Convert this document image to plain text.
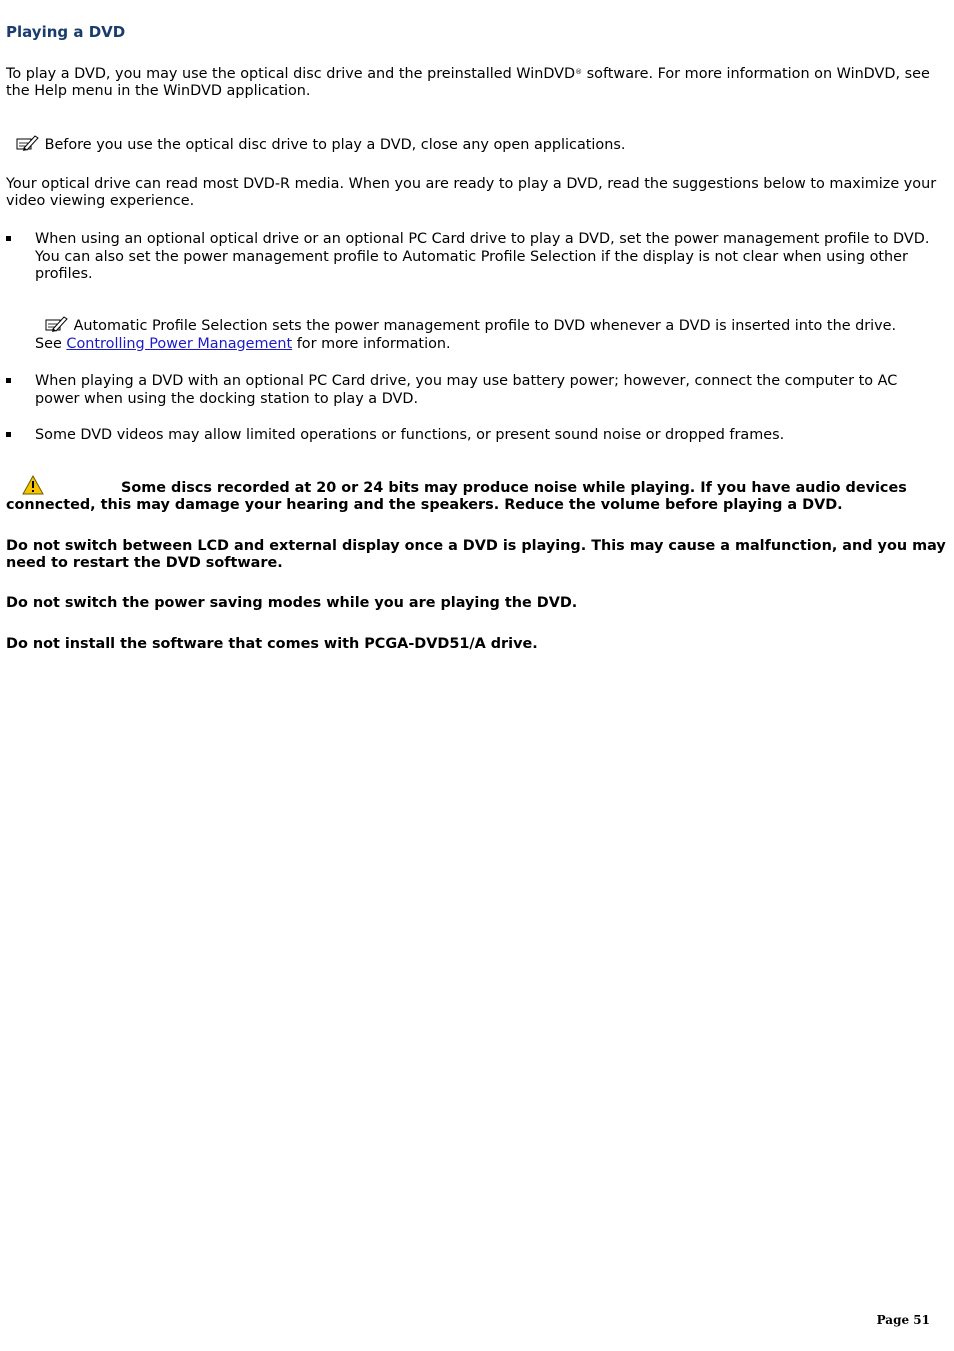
Playing a DVD
To play a DVD, you may use the optical disc drive and the preinstalled WinDVD® software. For more information on WinDVD, see the Help menu in the WinDVD application.
Before you use the optical disc drive to play a DVD, close any open applications.
Your optical drive can read most DVD-R media. When you are ready to play a DVD, read the suggestions below to maximize your video viewing experience.
When using an optional optical drive or an optional PC Card drive to play a DVD, set the power management profile to DVD. You can also set the power management profile to Automatic Profile Selection if the display is not clear when using other profiles.
Automatic Profile Selection sets the power management profile to DVD whenever a DVD is inserted into the drive.
See Controlling Power Management for more information.
When playing a DVD with an optional PC Card drive, you may use battery power; however, connect the computer to AC power when using the docking station to play a DVD.
Some DVD videos may allow limited operations or functions, or present sound noise or dropped frames.
Some discs recorded at 20 or 24 bits may produce noise while playing. If you have audio devices connected, this may damage your hearing and the speakers. Reduce the volume before playing a DVD.
Do not switch between LCD and external display once a DVD is playing. This may cause a malfunction, and you may need to restart the DVD software.
Do not switch the power saving modes while you are playing the DVD.
Do not install the software that comes with PCGA-DVD51/A drive.
Page 51
